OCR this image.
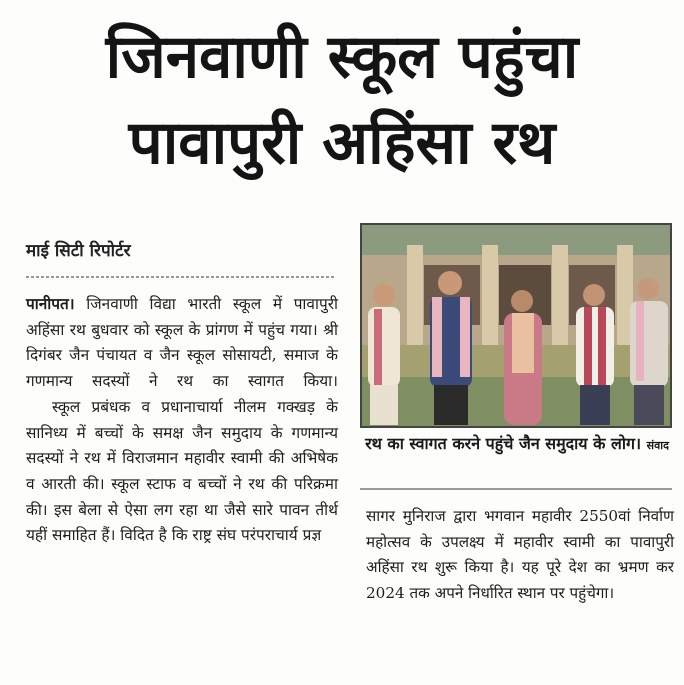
जिनवाणी स्कूल पहुंचा
पावापुरी अहिंसा रथ
माई सिटी रिपोर्टर

पानीपत। जिनवाणी विद्या भारती स्कूल में पावापुरी अहिंसा रथ बुधवार को स्कूल के प्रांगण में पहुंच गया। श्री दिगंबर जैन पंचायत व जैन स्कूल सोसायटी, समाज के गणमान्य सदस्यों ने रथ का स्वागत किया।

स्कूल प्रबंधक व प्रधानाचार्या नीलम गक्खड़ के सानिध्य में बच्चों के समक्ष जैन समुदाय के गणमान्य सदस्यों ने रथ में विराजमान महावीर स्वामी की अभिषेक व आरती की। स्कूल स्टाफ व बच्चों ने रथ की परिक्रमा की। इस बेला से ऐसा लग रहा था जैसे सारे पावन तीर्थ यहीं समाहित हैं। विदित है कि राष्ट्र संघ परंपराचार्य प्रज्ञ

रथ का स्वागत करने पहुंचे जैन समुदाय के लोग। संवाद

सागर मुनिराज द्वारा भगवान महावीर 2550वां निर्वाण महोत्सव के उपलक्ष्य में महावीर स्वामी का पावापुरी अहिंसा रथ शुरू किया है। यह पूरे देश का भ्रमण कर 2024 तक अपने निर्धारित स्थान पर पहुंचेगा।
